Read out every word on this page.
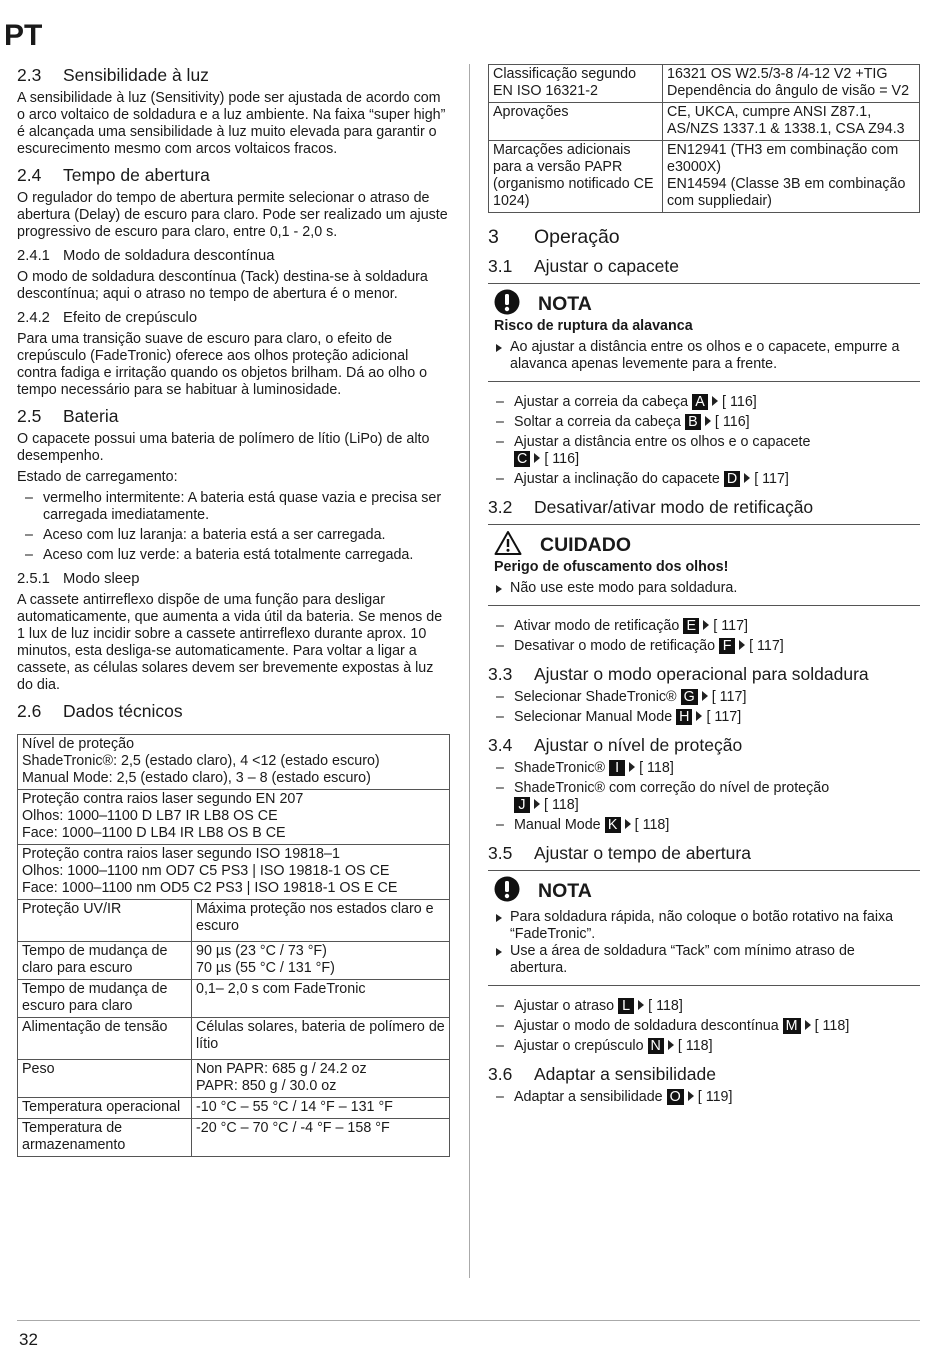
PT
2.3 Sensibilidade à luz

A sensibilidade à luz (Sensitivity) pode ser ajustada de acordo com o arco voltaico de soldadura e a luz ambiente. Na faixa “super high” é alcançada uma sensibilidade à luz muito elevada para garantir o escurecimento mesmo com arcos voltaicos fracos.

2.4 Tempo de abertura

O regulador do tempo de abertura permite selecionar o atraso de abertura (Delay) de escuro para claro. Pode ser realizado um ajuste progressivo de escuro para claro, entre 0,1 - 2,0 s.

2.4.1 Modo de soldadura descontínua

O modo de soldadura descontínua (Tack) destina-se à soldadura descontínua; aqui o atraso no tempo de abertura é o menor.

2.4.2 Efeito de crepúsculo

Para uma transição suave de escuro para claro, o efeito de crepúsculo (FadeTronic) oferece aos olhos proteção adicional contra fadiga e irritação quando os objetos brilham. Dá ao olho o tempo necessário para se habituar à luminosidade.

2.5 Bateria

O capacete possui uma bateria de polímero de lítio (LiPo) de alto desempenho.

Estado de carregamento:

– vermelho intermitente: A bateria está quase vazia e precisa ser carregada imediatamente.
– Aceso com luz laranja: a bateria está a ser carregada.
– Aceso com luz verde: a bateria está totalmente carregada.
2.5.1 Modo sleep

A cassete antirreflexo dispõe de uma função para desligar automaticamente, que aumenta a vida útil da bateria. Se menos de 1 lux de luz incidir sobre a cassete antirreflexo durante aprox. 10 minutos, esta desliga-se automaticamente. Para voltar a ligar a cassete, as células solares devem ser brevemente expostas à luz do dia.

2.6 Dados técnicos
Nível de proteção
ShadeTronic®: 2,5 (estado claro), 4 <12 (estado escuro)
Manual Mode: 2,5 (estado claro), 3 – 8 (estado escuro)	

Proteção contra raios laser segundo EN 207
Olhos: 1000–1100 D LB7 IR LB8 OS CE
Face: 1000–1100 D LB4 IR LB8 OS B CE	

Proteção contra raios laser segundo ISO 19818–1
Olhos: 1000–1100 nm OD7 C5 PS3 | ISO 19818-1 OS CE
Face: 1000–1100 nm OD5 C2 PS3 | ISO 19818-1 OS E CE	

Proteção UV/IR	Máxima proteção nos estados claro e escuro

Tempo de mudança de claro para escuro	90 µs (23 °C / 73 °F)
70 µs (55 °C / 131 °F)

Tempo de mudança de escuro para claro	0,1– 2,0 s com FadeTronic

Alimentação de tensão	Células solares, bateria de polímero de lítio

Peso	Non PAPR: 685 g / 24.2 oz
PAPR: 850 g / 30.0 oz

Temperatura operacional	-10 °C – 55 °C / 14 °F – 131 °F

Temperatura de armazenamento	-20 °C – 70 °C / -4 °F – 158 °F
Classificação segundo EN ISO 16321-2	16321 OS W2.5/3-8 /4-12 V2 +TIG
Dependência do ângulo de visão = V2

Aprovações	CE, UKCA, cumpre ANSI Z87.1, AS/NZS 1337.1 & 1338.1, CSA Z94.3

Marcações adicionais para a versão PAPR (organismo notificado CE 1024)	EN12941 (TH3 em combinação com e3000X)
EN14594 (Classe 3B em combinação com suppliedair)
3 Operação
3.1 Ajustar o capacete
NOTA
Risco de ruptura da alavanca
Ao ajustar a distância entre os olhos e o capacete, empurre a alavanca apenas levemente para a frente.
– Ajustar a correia da cabeça A [ 116]
– Soltar a correia da cabeça B [ 116]
– Ajustar a distância entre os olhos e o capacete
C [ 116]
– Ajustar a inclinação do capacete D [ 117]
3.2 Desativar/ativar modo de retificação
CUIDADO
Perigo de ofuscamento dos olhos!
Não use este modo para soldadura.
– Ativar modo de retificação E [ 117]
– Desativar o modo de retificação F [ 117]
3.3 Ajustar o modo operacional para soldadura
– Selecionar ShadeTronic® G [ 117]
– Selecionar Manual Mode H [ 117]
3.4 Ajustar o nível de proteção
– ShadeTronic® I [ 118]
– ShadeTronic® com correção do nível de proteção
J [ 118]
– Manual Mode K [ 118]
3.5 Ajustar o tempo de abertura
NOTA
Para soldadura rápida, não coloque o botão rotativo na faixa “FadeTronic”.
Use a área de soldadura “Tack” com mínimo atraso de abertura.
– Ajustar o atraso L [ 118]
– Ajustar o modo de soldadura descontínua M [ 118]
– Ajustar o crepúsculo N [ 118]
3.6 Adaptar a sensibilidade
– Adaptar a sensibilidade O [ 119]
32
